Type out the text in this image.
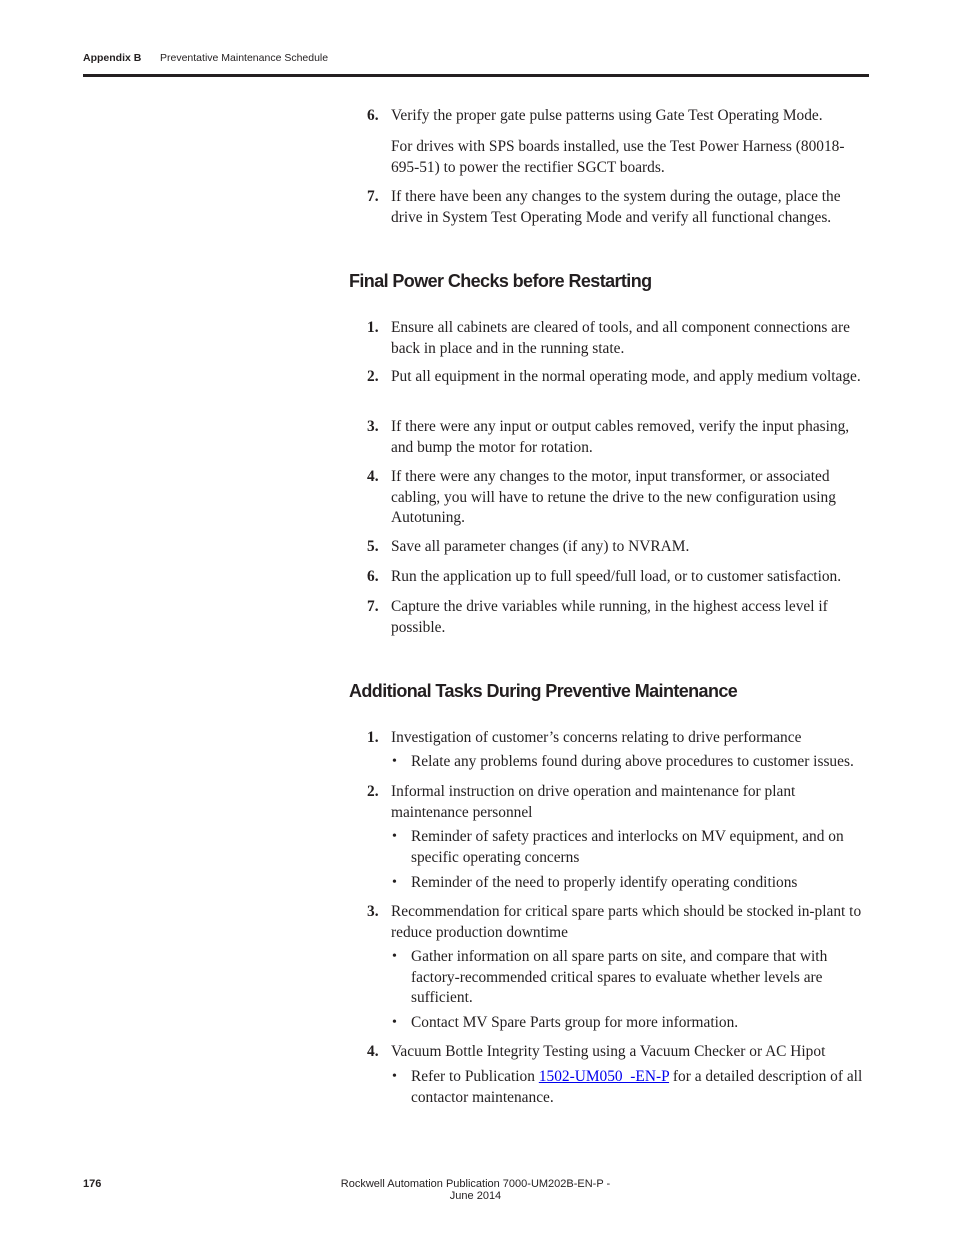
Appendix B Preventative Maintenance Schedule
6. Verify the proper gate pulse patterns using Gate Test Operating Mode.
For drives with SPS boards installed, use the Test Power Harness (80018-695-51) to power the rectifier SGCT boards.
7. If there have been any changes to the system during the outage, place the drive in System Test Operating Mode and verify all functional changes.
Final Power Checks before Restarting
1. Ensure all cabinets are cleared of tools, and all component connections are back in place and in the running state.
2. Put all equipment in the normal operating mode, and apply medium voltage.
3. If there were any input or output cables removed, verify the input phasing, and bump the motor for rotation.
4. If there were any changes to the motor, input transformer, or associated cabling, you will have to retune the drive to the new configuration using Autotuning.
5. Save all parameter changes (if any) to NVRAM.
6. Run the application up to full speed/full load, or to customer satisfaction.
7. Capture the drive variables while running, in the highest access level if possible.
Additional Tasks During Preventive Maintenance
1. Investigation of customer’s concerns relating to drive performance
• Relate any problems found during above procedures to customer issues.
2. Informal instruction on drive operation and maintenance for plant maintenance personnel
• Reminder of safety practices and interlocks on MV equipment, and on specific operating concerns
• Reminder of the need to properly identify operating conditions
3. Recommendation for critical spare parts which should be stocked in-plant to reduce production downtime
• Gather information on all spare parts on site, and compare that with factory-recommended critical spares to evaluate whether levels are sufficient.
• Contact MV Spare Parts group for more information.
4. Vacuum Bottle Integrity Testing using a Vacuum Checker or AC Hipot
• Refer to Publication 1502-UM050_-EN-P for a detailed description of all contactor maintenance.
176	Rockwell Automation Publication 7000-UM202B-EN-P - June 2014
